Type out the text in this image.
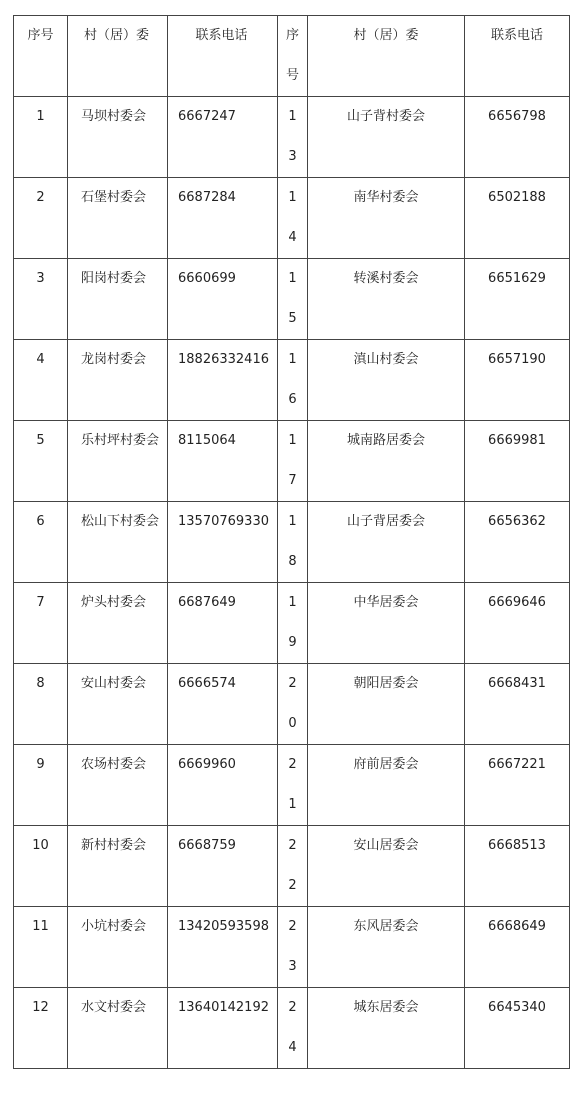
序号	村（居）委	联系电话	序号	村（居）委	联系电话
1	马坝村委会	6667247	13	山子背村委会	6656798
2	石堡村委会	6687284	14	南华村委会	6502188
3	阳岗村委会	6660699	15	转溪村委会	6651629
4	龙岗村委会	18826332416	16	滇山村委会	6657190
5	乐村坪村委会	8115064	17	城南路居委会	6669981
6	松山下村委会	13570769330	18	山子背居委会	6656362
7	炉头村委会	6687649	19	中华居委会	6669646
8	安山村委会	6666574	20	朝阳居委会	6668431
9	农场村委会	6669960	21	府前居委会	6667221
10	新村村委会	6668759	22	安山居委会	6668513
11	小坑村委会	13420593598	23	东风居委会	6668649
12	水文村委会	13640142192	24	城东居委会	6645340
